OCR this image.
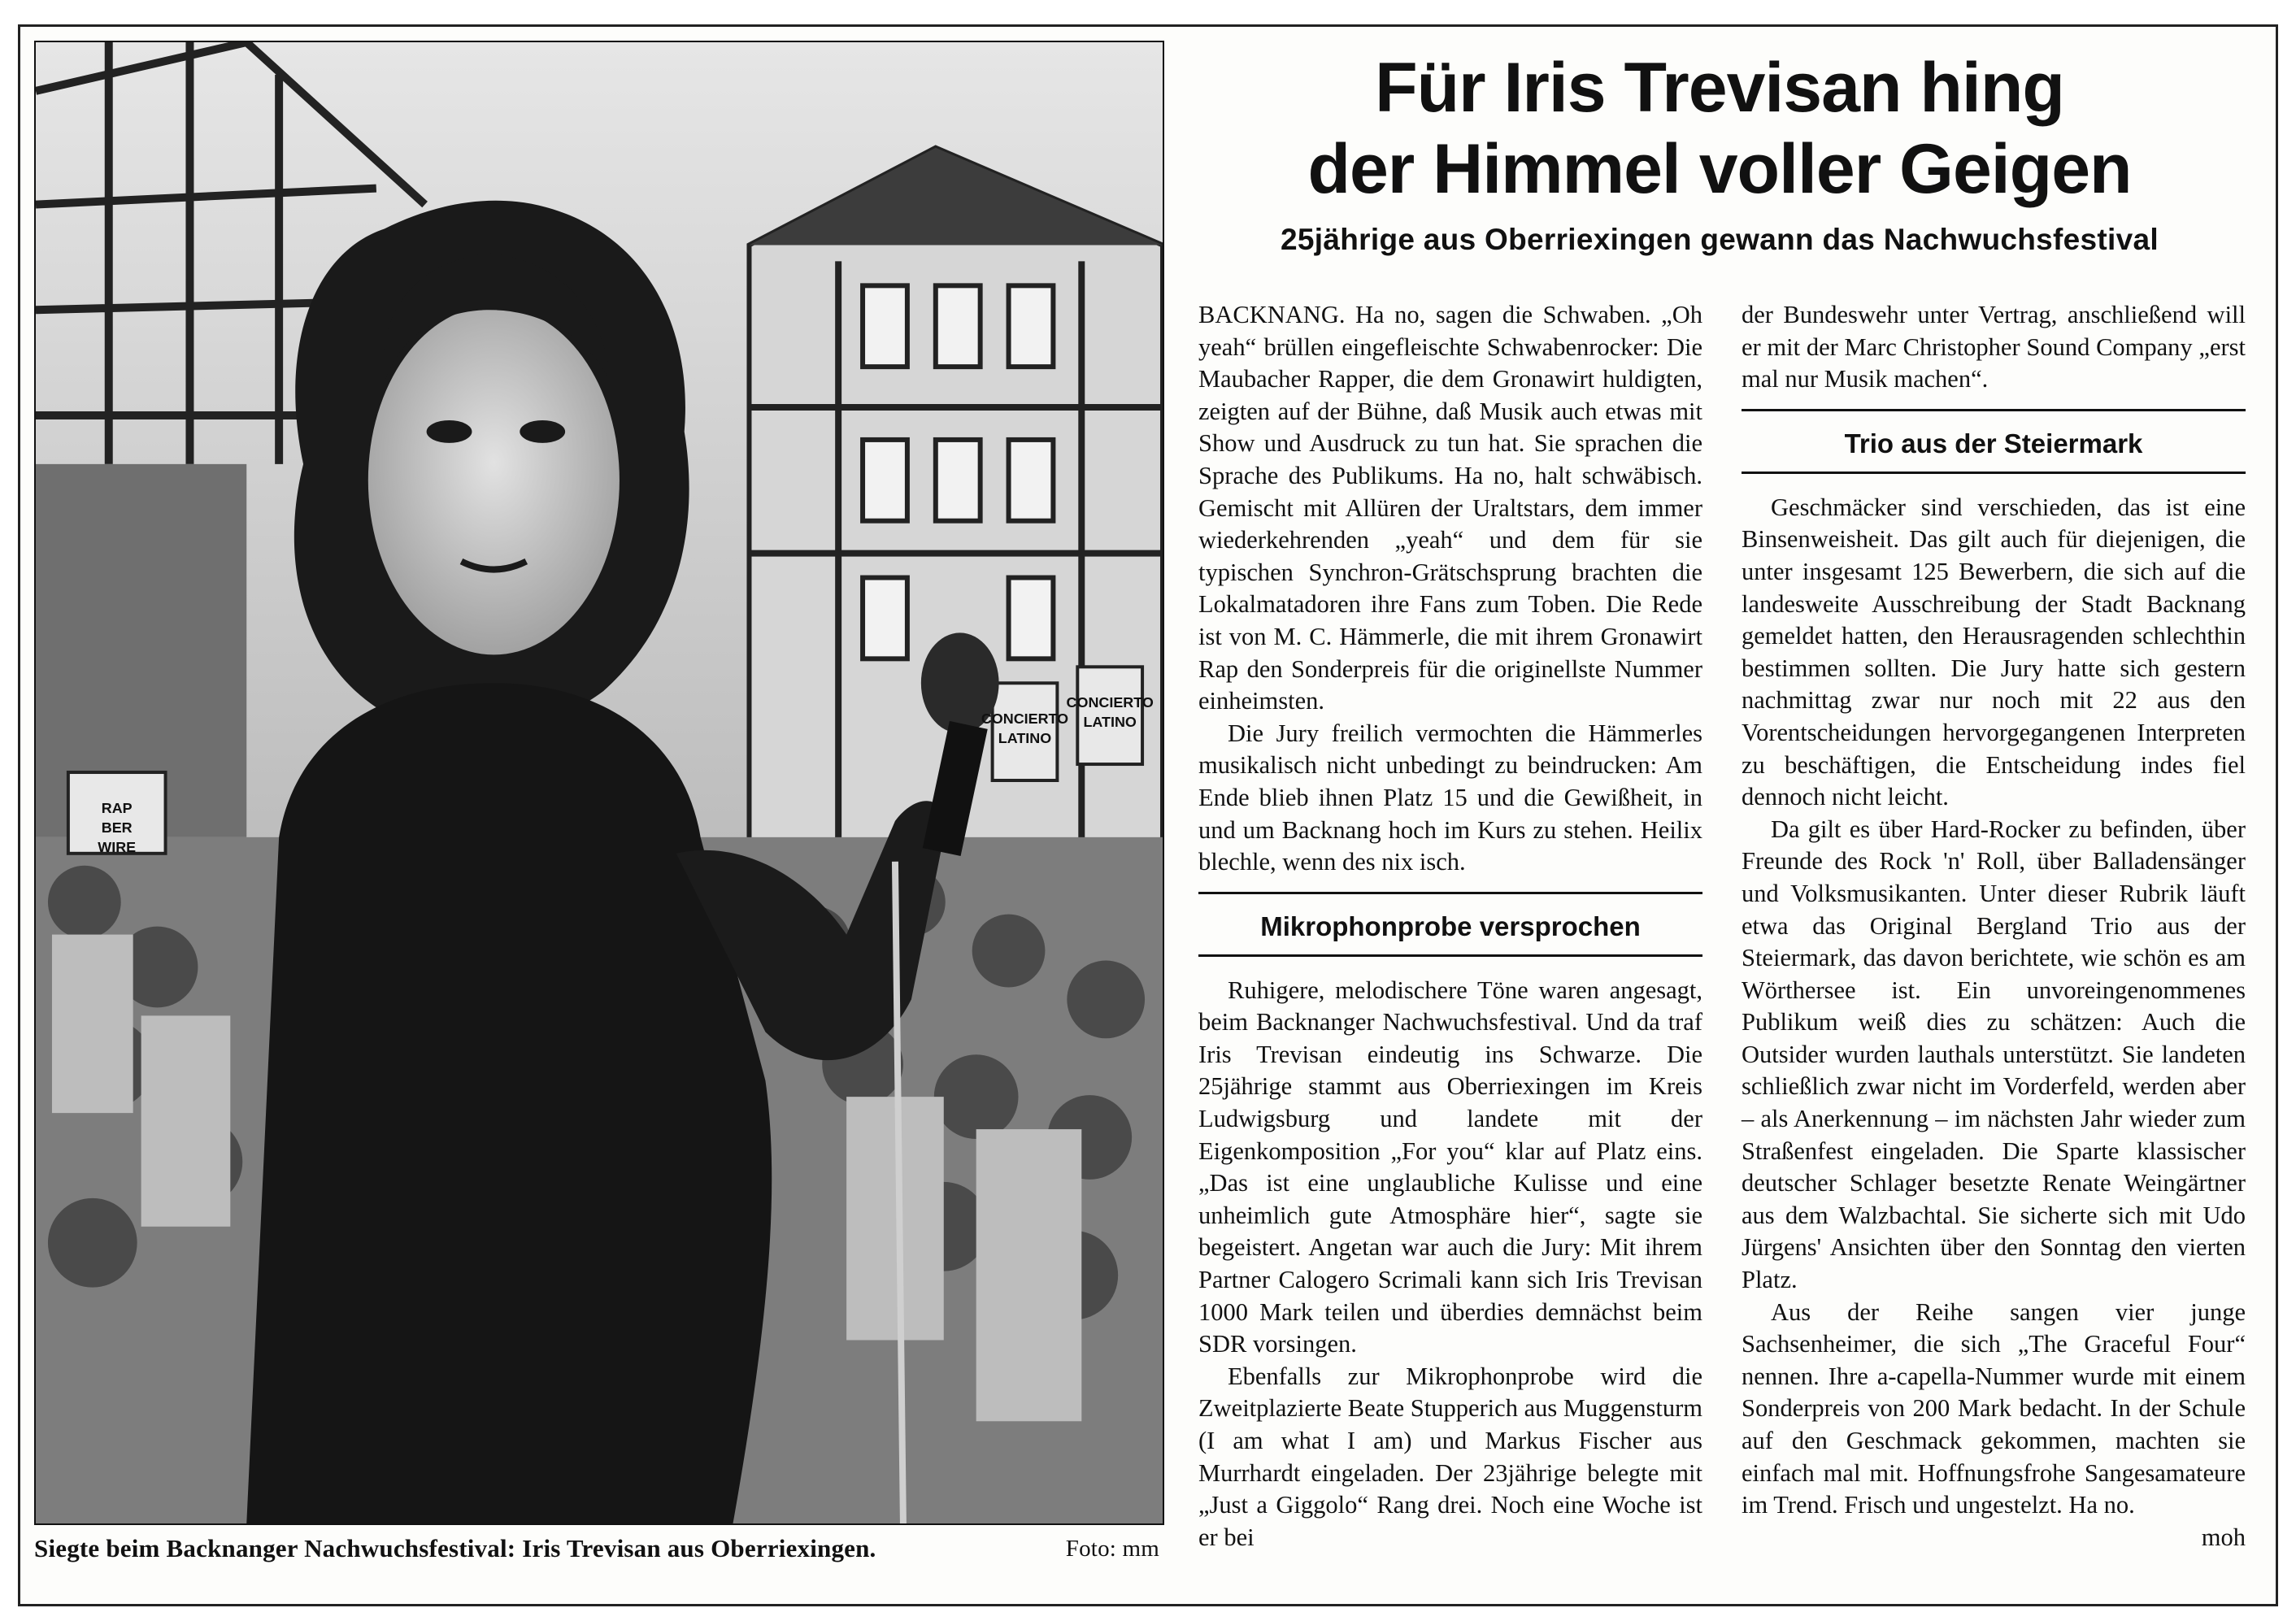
CONCIERTO
LATINO
CONCIERTO
LATINO
RAP
BER
WIRE
Siegte beim Backnanger Nachwuchsfestival: Iris Trevisan aus Oberriexingen.	Foto: mm
Für Iris Trevisan hing
der Himmel voller Geigen
25jährige aus Oberriexingen gewann das Nachwuchsfestival

BACKNANG. Ha no, sagen die Schwaben. „Oh yeah“ brüllen eingefleischte Schwabenrocker: Die Maubacher Rapper, die dem Gronawirt huldigten, zeigten auf der Bühne, daß Musik auch etwas mit Show und Ausdruck zu tun hat. Sie sprachen die Sprache des Publikums. Ha no, halt schwäbisch. Gemischt mit Allüren der Uraltstars, dem immer wiederkehrenden „yeah“ und dem für sie typischen Synchron-Grätschsprung brachten die Lokalmatadoren ihre Fans zum Toben. Die Rede ist von M. C. Hämmerle, die mit ihrem Gronawirt Rap den Sonderpreis für die originellste Nummer einheimsten.

Die Jury freilich vermochten die Hämmerles musikalisch nicht unbedingt zu beindrucken: Am Ende blieb ihnen Platz 15 und die Gewißheit, in und um Backnang hoch im Kurs zu stehen. Heilix blechle, wenn des nix isch.

Mikrophonprobe versprochen

Ruhigere, melodischere Töne waren angesagt, beim Backnanger Nachwuchsfestival. Und da traf Iris Trevisan eindeutig ins Schwarze. Die 25jährige stammt aus Oberriexingen im Kreis Ludwigsburg und landete mit der Eigenkomposition „For you“ klar auf Platz eins. „Das ist eine unglaubliche Kulisse und eine unheimlich gute Atmosphäre hier“, sagte sie begeistert. Angetan war auch die Jury: Mit ihrem Partner Calogero Scrimali kann sich Iris Trevisan 1000 Mark teilen und überdies demnächst beim SDR vorsingen.

Ebenfalls zur Mikrophonprobe wird die Zweitplazierte Beate Stupperich aus Muggensturm (I am what I am) und Markus Fischer aus Murrhardt eingeladen. Der 23jährige belegte mit „Just a Giggolo“ Rang drei. Noch eine Woche ist er bei

der Bundeswehr unter Vertrag, anschließend will er mit der Marc Christopher Sound Company „erst mal nur Musik machen“.

Trio aus der Steiermark

Geschmäcker sind verschieden, das ist eine Binsenweisheit. Das gilt auch für diejenigen, die unter insgesamt 125 Bewerbern, die sich auf die landesweite Ausschreibung der Stadt Backnang gemeldet hatten, den Herausragenden schlechthin bestimmen sollten. Die Jury hatte sich gestern nachmittag zwar nur noch mit 22 aus den Vorentscheidungen hervorgegangenen Interpreten zu beschäftigen, die Entscheidung indes fiel dennoch nicht leicht.

Da gilt es über Hard-Rocker zu befinden, über Freunde des Rock 'n' Roll, über Balladensänger und Volksmusikanten. Unter dieser Rubrik läuft etwa das Original Bergland Trio aus der Steiermark, das davon berichtete, wie schön es am Wörthersee ist. Ein unvoreingenommenes Publikum weiß dies zu schätzen: Auch die Outsider wurden lauthals unterstützt. Sie landeten schließlich zwar nicht im Vorderfeld, werden aber – als Anerkennung – im nächsten Jahr wieder zum Straßenfest eingeladen. Die Sparte klassischer deutscher Schlager besetzte Renate Weingärtner aus dem Walzbachtal. Sie sicherte sich mit Udo Jürgens' Ansichten über den Sonntag den vierten Platz.

Aus der Reihe sangen vier junge Sachsenheimer, die sich „The Graceful Four“ nennen. Ihre a-capella-Nummer wurde mit einem Sonderpreis von 200 Mark bedacht. In der Schule auf den Geschmack gekommen, machten sie einfach mal mit. Hoffnungsfrohe Sangesamateure im Trend. Frisch und ungestelzt. Ha no.

moh
